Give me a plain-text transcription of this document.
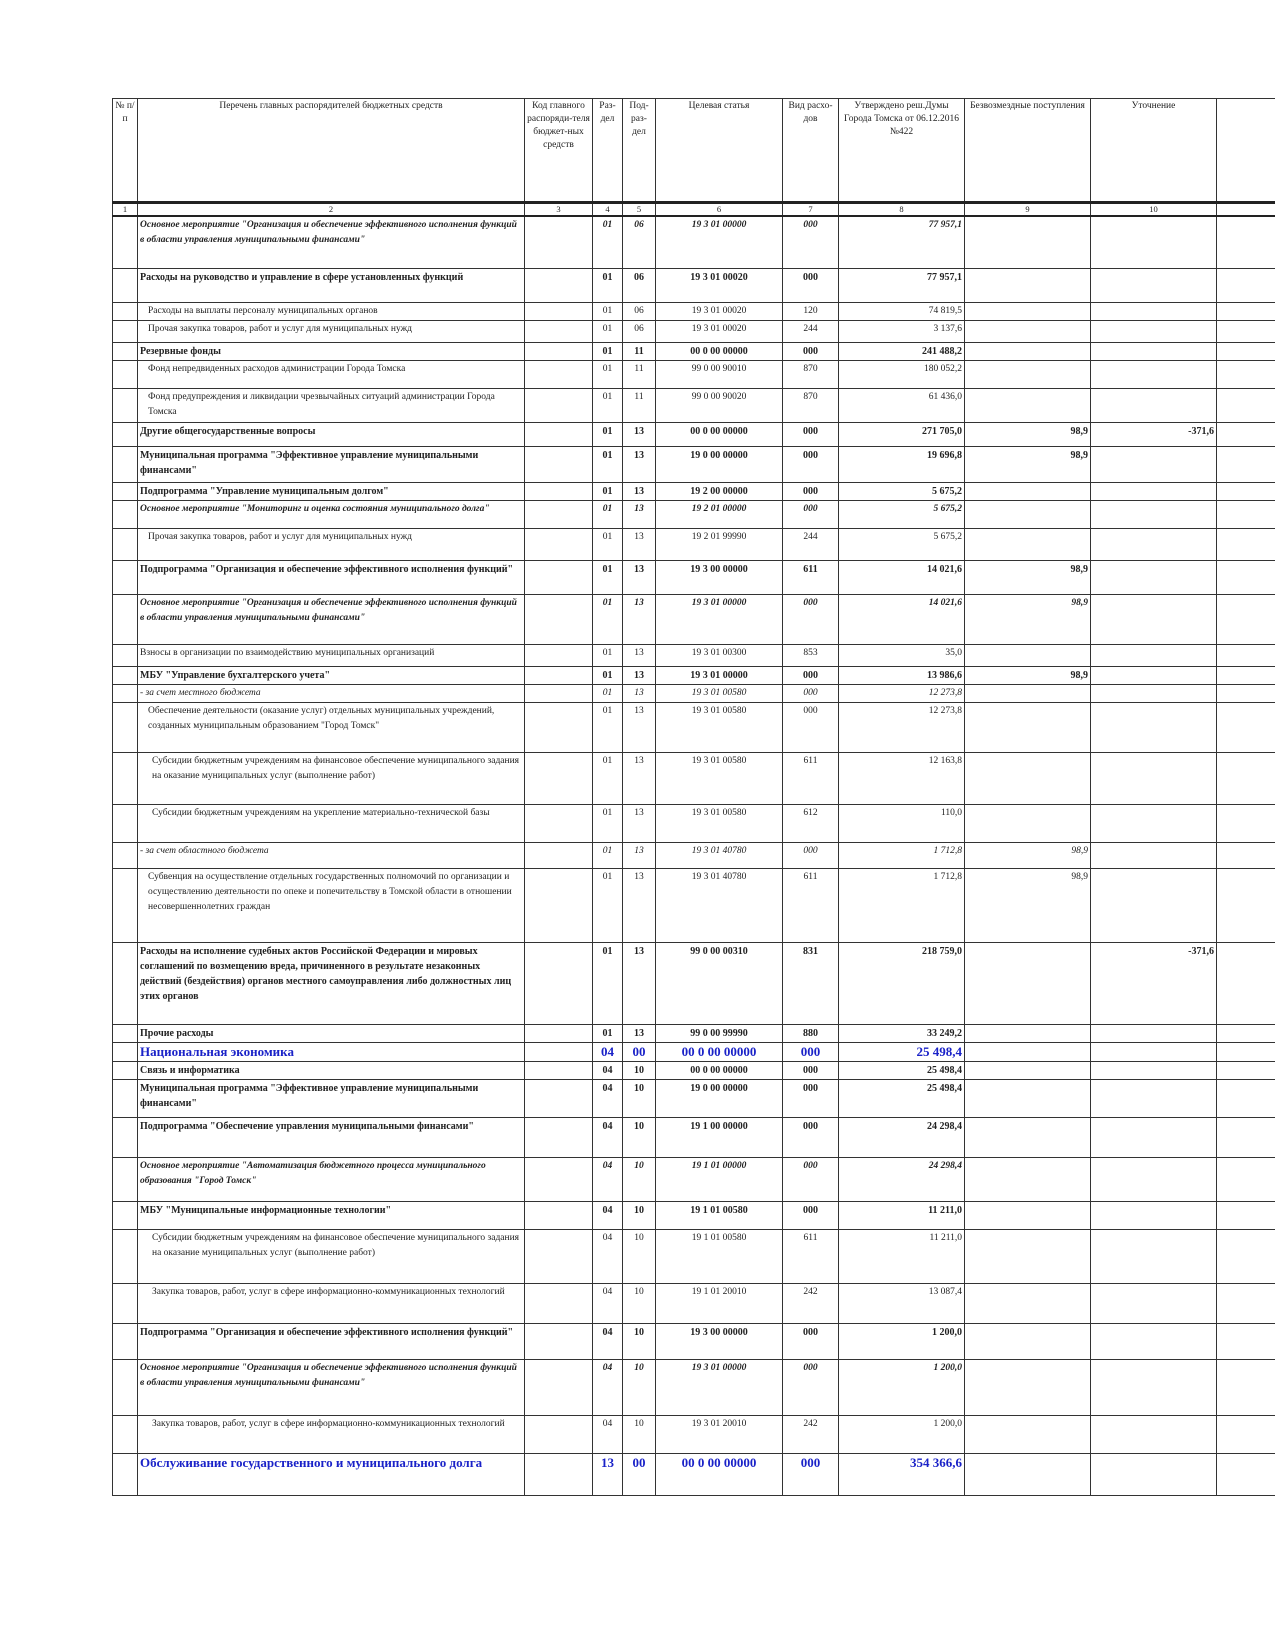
№ п/п	Перечень главных распорядителей бюджетных средств	Код главного распоряди-теля бюджет-ных средств	Раз-дел	Под-раз-дел	Целевая статья	Вид расхо-дов	Утверждено реш.Думы Города Томска от 06.12.2016 №422	Безвозмездные поступления	Уточнение	
1	2	3	4	5	6	7	8	9	10	
	Основное мероприятие "Организация и обеспечение эффективного исполнения функций в области управления муниципальными финансами"		01	06	19 3 01 00000	000	77 957,1			
	Расходы на руководство и управление в сфере установленных функций		01	06	19 3 01 00020	000	77 957,1			
	Расходы на выплаты персоналу муниципальных органов		01	06	19 3 01 00020	120	74 819,5			
	Прочая закупка товаров, работ и услуг для муниципальных нужд		01	06	19 3 01 00020	244	3 137,6			
	Резервные фонды		01	11	00 0 00 00000	000	241 488,2			
	Фонд непредвиденных расходов администрации Города Томска		01	11	99 0 00 90010	870	180 052,2			
	Фонд предупреждения и ликвидации чрезвычайных ситуаций администрации Города Томска		01	11	99 0 00 90020	870	61 436,0			
	Другие общегосударственные вопросы		01	13	00 0 00 00000	000	271 705,0	98,9	-371,6	
	Муниципальная программа "Эффективное управление муниципальными финансами"		01	13	19 0 00 00000	000	19 696,8	98,9		
	Подпрограмма "Управление муниципальным долгом"		01	13	19 2 00 00000	000	5 675,2			
	Основное мероприятие "Мониторинг и оценка состояния муниципального долга"		01	13	19 2 01 00000	000	5 675,2			
	Прочая закупка товаров, работ и услуг для муниципальных нужд		01	13	19 2 01 99990	244	5 675,2			
	Подпрограмма "Организация и обеспечение эффективного исполнения функций"		01	13	19 3 00 00000	611	14 021,6	98,9		
	Основное мероприятие "Организация и обеспечение эффективного исполнения функций в области управления муниципальными финансами"		01	13	19 3 01 00000	000	14 021,6	98,9		
	Взносы в организации по взаимодействию муниципальных организаций		01	13	19 3 01 00300	853	35,0			
	МБУ "Управление бухгалтерского учета"		01	13	19 3 01 00000	000	13 986,6	98,9		
	- за счет местного бюджета		01	13	19 3 01 00580	000	12 273,8			
	Обеспечение деятельности (оказание услуг) отдельных муниципальных учреждений, созданных муниципальным образованием "Город Томск"		01	13	19 3 01 00580	000	12 273,8			
	Субсидии бюджетным учреждениям на финансовое обеспечение муниципального задания на оказание муниципальных услуг (выполнение работ)		01	13	19 3 01 00580	611	12 163,8			
	Субсидии бюджетным учреждениям на укрепление материально-технической базы		01	13	19 3 01 00580	612	110,0			
	- за счет областного бюджета		01	13	19 3 01 40780	000	1 712,8	98,9		
	Субвенция на осуществление отдельных государственных полномочий по организации и осуществлению деятельности по опеке и попечительству в Томской области в отношении несовершеннолетних граждан		01	13	19 3 01 40780	611	1 712,8	98,9		
	Расходы на исполнение судебных актов Российской Федерации и мировых соглашений по возмещению вреда, причиненного в результате незаконных действий (бездействия) органов местного самоуправления либо должностных лиц этих органов		01	13	99 0 00 00310	831	218 759,0		-371,6	
	Прочие расходы		01	13	99 0 00 99990	880	33 249,2			
	Национальная экономика		04	00	00 0 00 00000	000	25 498,4			
	Связь и информатика		04	10	00 0 00 00000	000	25 498,4			
	Муниципальная программа "Эффективное управление муниципальными финансами"		04	10	19 0 00 00000	000	25 498,4			
	Подпрограмма "Обеспечение управления муниципальными финансами"		04	10	19 1 00 00000	000	24 298,4			
	Основное мероприятие "Автоматизация бюджетного процесса муниципального образования "Город Томск"		04	10	19 1 01 00000	000	24 298,4			
	МБУ "Муниципальные информационные технологии"		04	10	19 1 01 00580	000	11 211,0			
	Субсидии бюджетным учреждениям на финансовое обеспечение муниципального задания на оказание муниципальных услуг (выполнение работ)		04	10	19 1 01 00580	611	11 211,0			
	Закупка товаров, работ, услуг в сфере информационно-коммуникационных технологий		04	10	19 1 01 20010	242	13 087,4			
	Подпрограмма "Организация и обеспечение эффективного исполнения функций"		04	10	19 3 00 00000	000	1 200,0			
	Основное мероприятие "Организация и обеспечение эффективного исполнения функций в области управления муниципальными финансами"		04	10	19 3 01 00000	000	1 200,0			
	Закупка товаров, работ, услуг в сфере информационно-коммуникационных технологий		04	10	19 3 01 20010	242	1 200,0			
	Обслуживание государственного и муниципального долга		13	00	00 0 00 00000	000	354 366,6			
